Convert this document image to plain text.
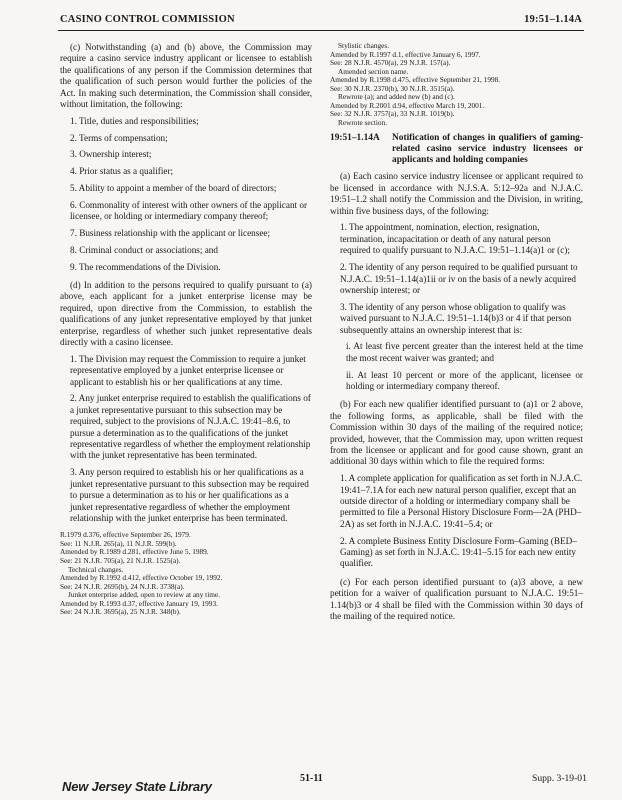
CASINO CONTROL COMMISSION	19:51–1.14A

(c) Notwithstanding (a) and (b) above, the Commission may require a casino service industry applicant or licensee to establish the qualifications of any person if the Commission determines that the qualification of such person would further the policies of the Act. In making such determination, the Commission shall consider, without limitation, the following:

1. Title, duties and responsibilities;

2. Terms of compensation;

3. Ownership interest;

4. Prior status as a qualifier;

5. Ability to appoint a member of the board of directors;

6. Commonality of interest with other owners of the applicant or licensee, or holding or intermediary company thereof;

7. Business relationship with the applicant or licensee;

8. Criminal conduct or associations; and

9. The recommendations of the Division.

(d) In addition to the persons required to qualify pursuant to (a) above, each applicant for a junket enterprise license may be required, upon directive from the Commission, to establish the qualifications of any junket representative employed by that junket enterprise, regardless of whether such junket representative deals directly with a casino licensee.

1. The Division may request the Commission to require a junket representative employed by a junket enterprise licensee or applicant to establish his or her qualifications at any time.

2. Any junket enterprise required to establish the qualifications of a junket representative pursuant to this subsection may be required, subject to the provisions of N.J.A.C. 19:41–8.6, to pursue a determination as to the qualifications of the junket representative regardless of whether the employment relationship with the junket representative has been terminated.

3. Any person required to establish his or her qualifications as a junket representative pursuant to this subsection may be required to pursue a determination as to his or her qualifications as a junket representative regardless of whether the employment relationship with the junket enterprise has been terminated.

R.1979 d.376, effective September 26, 1979.
See: 11 N.J.R. 265(a), 11 N.J.R. 599(b).
Amended by R.1989 d.281, effective June 5, 1989.
See: 21 N.J.R. 705(a), 21 N.J.R. 1525(a).
Technical changes.
Amended by R.1992 d.412, effective October 19, 1992.
See: 24 N.J.R. 2695(b), 24 N.J.R. 3738(a).
Junket enterprise added, open to review at any time.
Amended by R.1993 d.37, effective January 19, 1993.
See: 24 N.J.R. 3695(a), 25 N.J.R. 348(b).
Stylistic changes.
Amended by R.1997 d.1, effective January 6, 1997.
See: 28 N.J.R. 4570(a), 29 N.J.R. 157(a).
Amended section name.
Amended by R.1998 d.475, effective September 21, 1998.
See: 30 N.J.R. 2370(b), 30 N.J.R. 3515(a).
Rewrote (a); and added new (b) and (c).
Amended by R.2001 d.94, effective March 19, 2001.
See: 32 N.J.R. 3757(a), 33 N.J.R. 1019(b).
Rewrote section.
19:51–1.14A	Notification of changes in qualifiers of gaming-related casino service industry licensees or applicants and holding companies

(a) Each casino service industry licensee or applicant required to be licensed in accordance with N.J.S.A. 5:12–92a and N.J.A.C. 19:51–1.2 shall notify the Commission and the Division, in writing, within five business days, of the following:

1. The appointment, nomination, election, resignation, termination, incapacitation or death of any natural person required to qualify pursuant to N.J.A.C. 19:51–1.14(a)1 or (c);

2. The identity of any person required to be qualified pursuant to N.J.A.C. 19:51–1.14(a)1ii or iv on the basis of a newly acquired ownership interest; or

3. The identity of any person whose obligation to qualify was waived pursuant to N.J.A.C. 19:51–1.14(b)3 or 4 if that person subsequently attains an ownership interest that is:

i. At least five percent greater than the interest held at the time the most recent waiver was granted; and

ii. At least 10 percent or more of the applicant, licensee or holding or intermediary company thereof.

(b) For each new qualifier identified pursuant to (a)1 or 2 above, the following forms, as applicable, shall be filed with the Commission within 30 days of the mailing of the required notice; provided, however, that the Commission may, upon written request from the licensee or applicant and for good cause shown, grant an additional 30 days within which to file the required forms:

1. A complete application for qualification as set forth in N.J.A.C. 19:41–7.1A for each new natural person qualifier, except that an outside director of a holding or intermediary company shall be permitted to file a Personal History Disclosure Form—2A (PHD–2A) as set forth in N.J.A.C. 19:41–5.4; or

2. A complete Business Entity Disclosure Form–Gaming (BED–Gaming) as set forth in N.J.A.C. 19:41–5.15 for each new entity qualifier.

(c) For each person identified pursuant to (a)3 above, a new petition for a waiver of qualification pursuant to N.J.A.C. 19:51–1.14(b)3 or 4 shall be filed with the Commission within 30 days of the mailing of the required notice.

New Jersey State Library
51-11	Supp. 3-19-01
